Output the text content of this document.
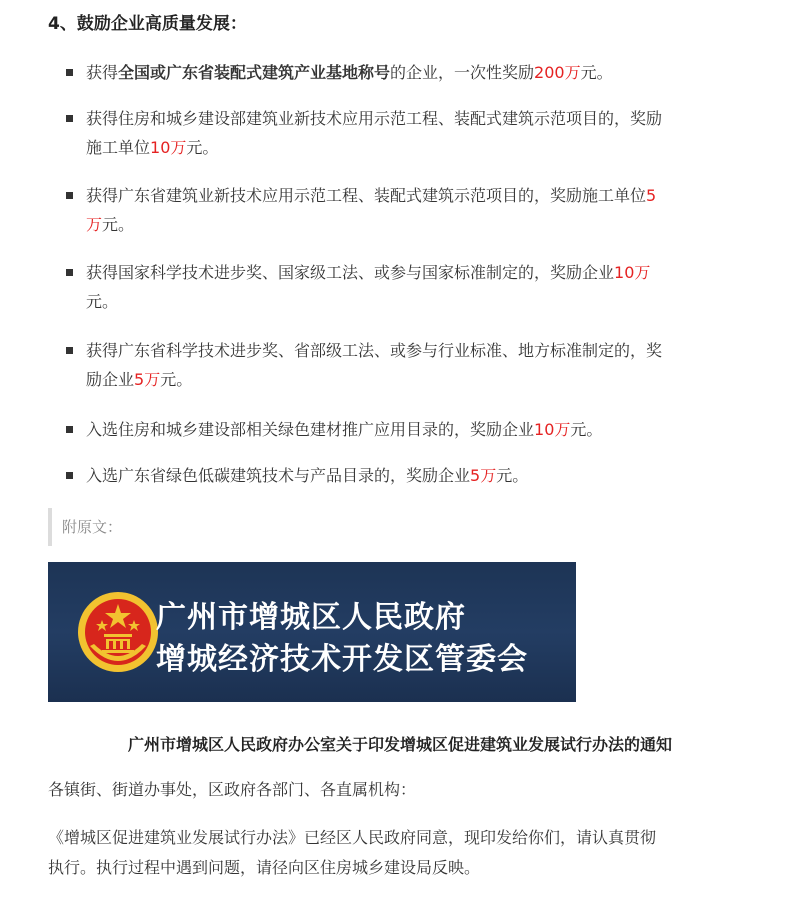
4、鼓励企业高质量发展：
获得全国或广东省装配式建筑产业基地称号的企业，一次性奖励200万元。
获得住房和城乡建设部建筑业新技术应用示范工程、装配式建筑示范项目的，奖励
施工单位10万元。
获得广东省建筑业新技术应用示范工程、装配式建筑示范项目的，奖励施工单位5
万元。
获得国家科学技术进步奖、国家级工法、或参与国家标准制定的，奖励企业10万
元。
获得广东省科学技术进步奖、省部级工法、或参与行业标准、地方标准制定的，奖
励企业5万元。
入选住房和城乡建设部相关绿色建材推广应用目录的，奖励企业10万元。
入选广东省绿色低碳建筑技术与产品目录的，奖励企业5万元。
附原文：
广州市增城区人民政府
增城经济技术开发区管委会
广州市增城区人民政府办公室关于印发增城区促进建筑业发展试行办法的通知
各镇街、街道办事处，区政府各部门、各直属机构：
《增城区促进建筑业发展试行办法》已经区人民政府同意，现印发给你们，请认真贯彻
执行。执行过程中遇到问题，请径向区住房城乡建设局反映。
